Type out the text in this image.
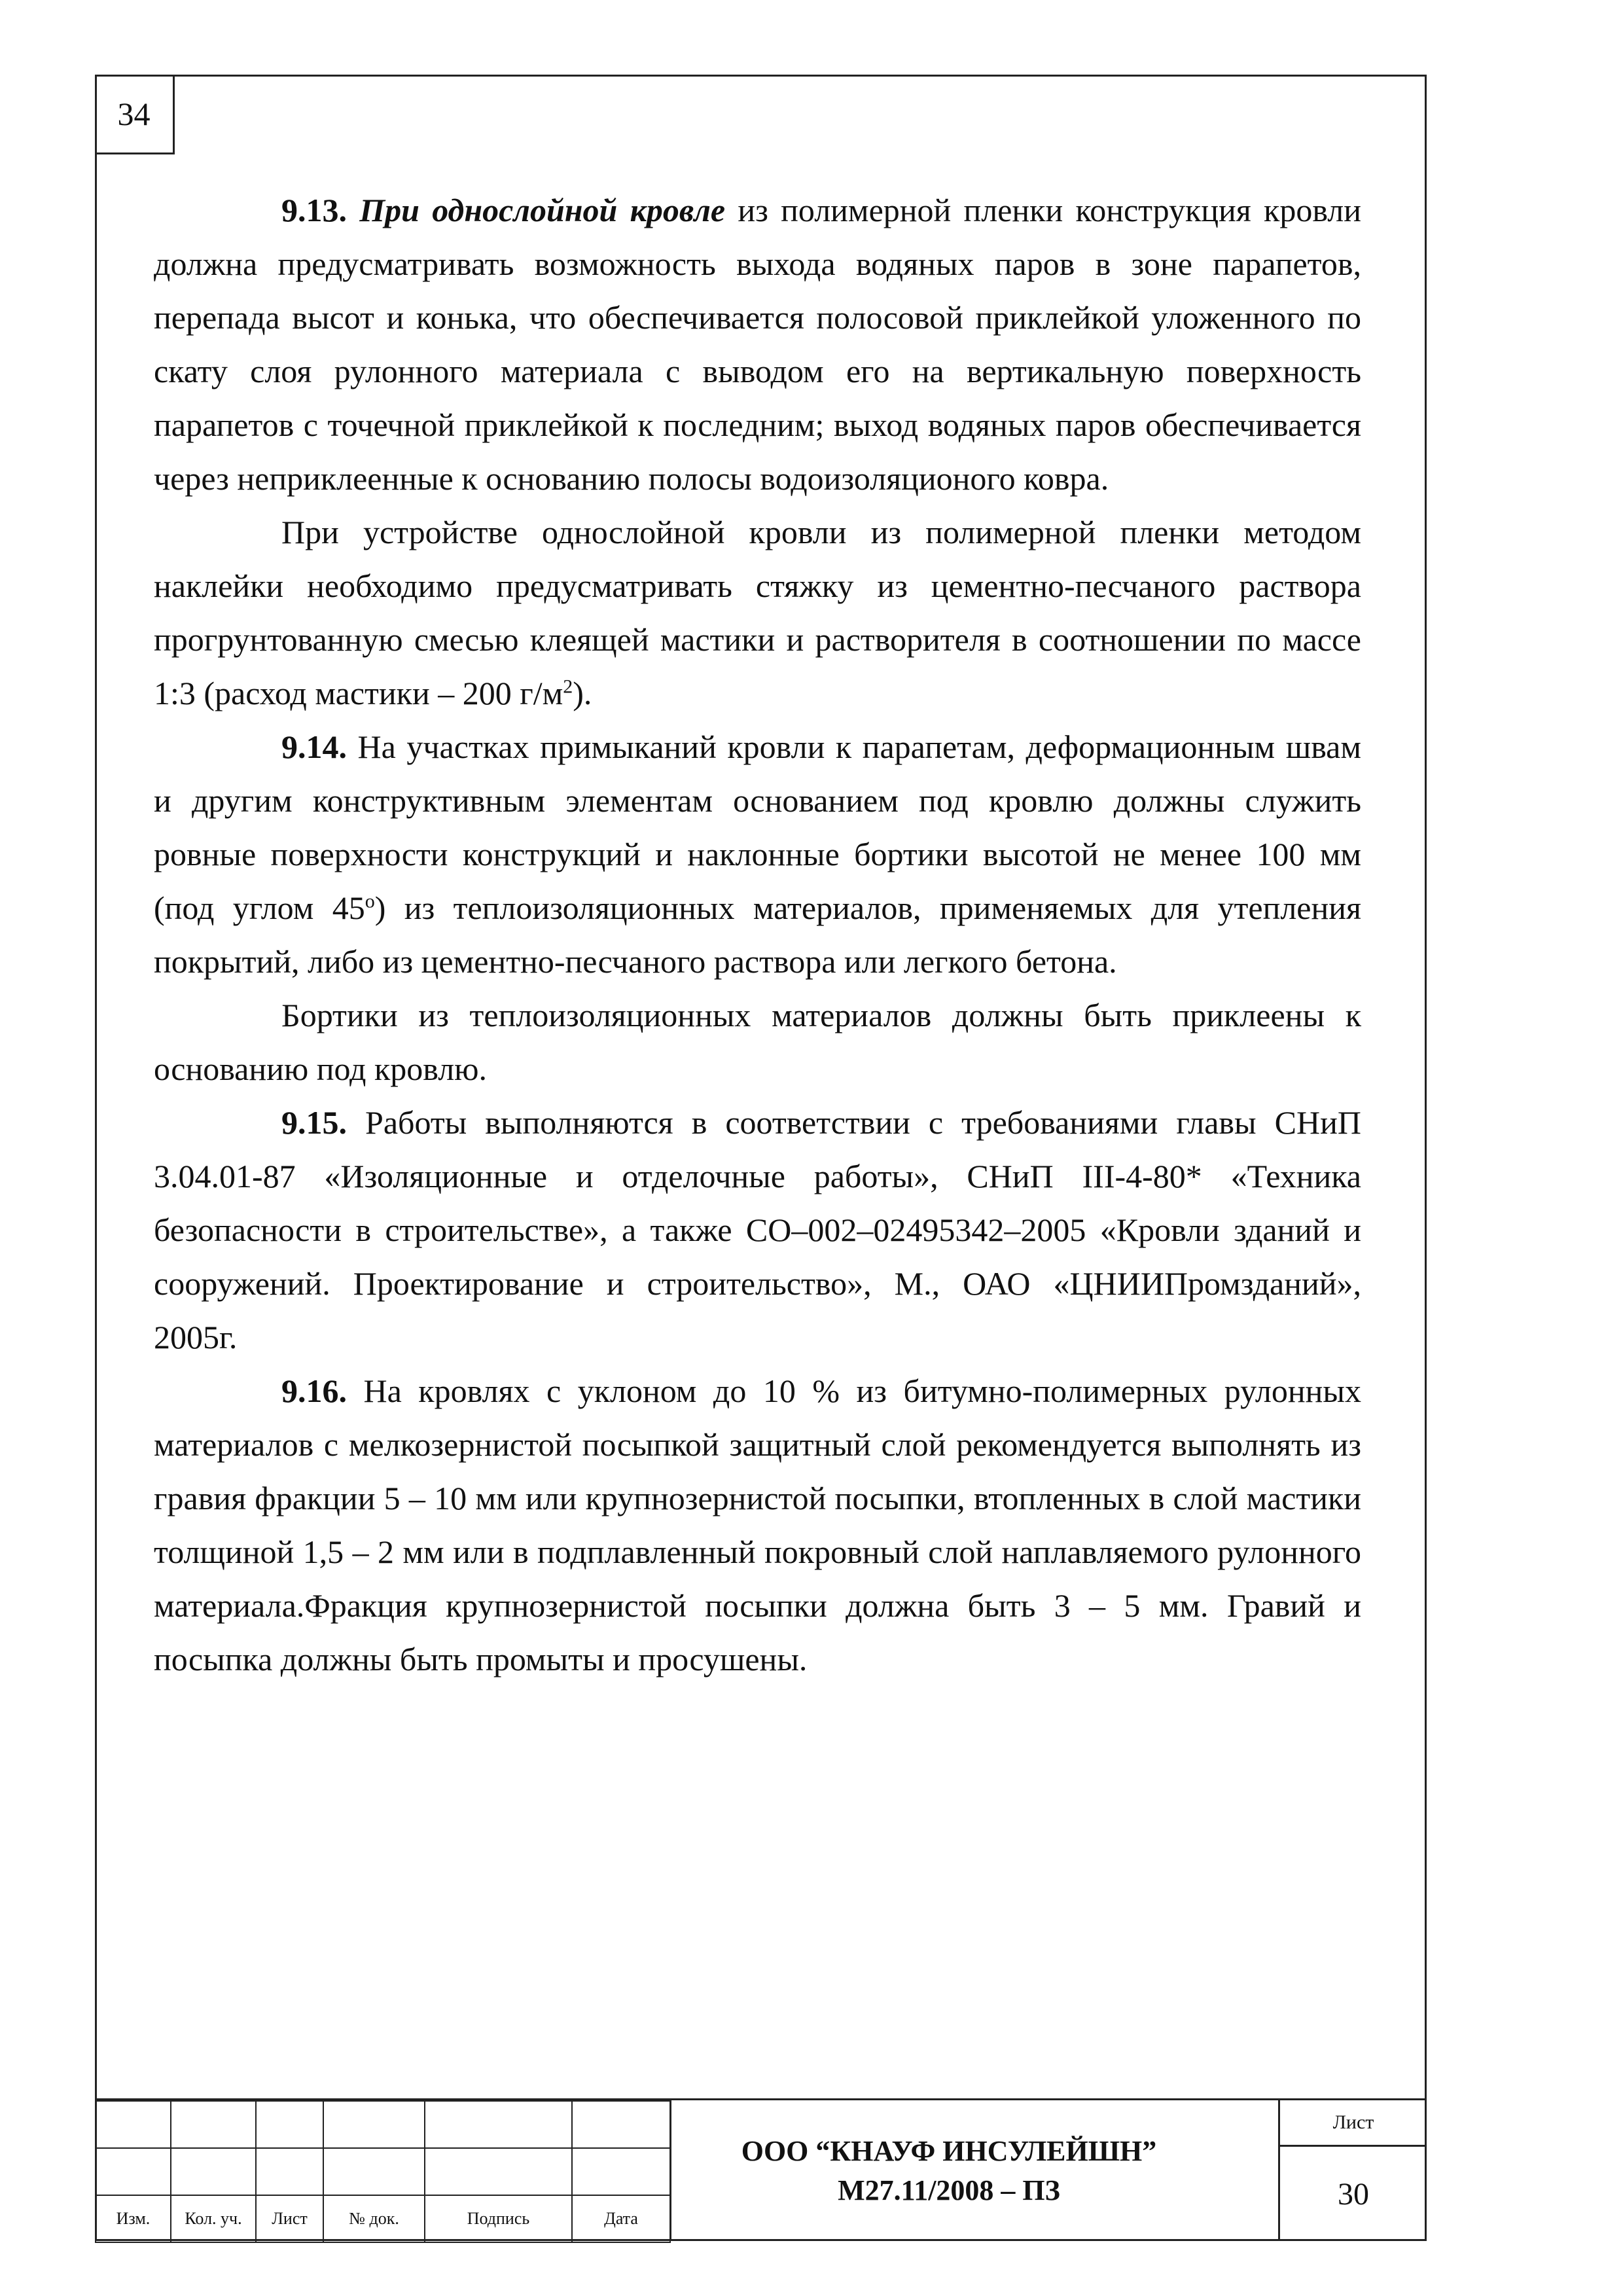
34

9.13. При однослойной кровле из полимерной пленки конструкция кровли должна предусматривать возможность выхода водяных паров в зоне парапетов, перепада высот и конька, что обеспечивается полосовой приклейкой уложенного по скату слоя рулонного материала с выводом его на вертикальную поверхность парапетов с точечной приклейкой к последним; выход водяных паров обеспечивается через неприклеенные к основанию полосы водоизоляционого ковра.

При устройстве однослойной кровли из полимерной пленки методом наклейки необходимо предусматривать стяжку из цементно-песчаного раствора прогрунтованную смесью клеящей мастики и растворителя в соотношении по массе 1:3 (расход мастики – 200 $г/м^2$).

9.14. На участках примыканий кровли к парапетам, деформационным швам и другим конструктивным элементам основанием под кровлю должны служить ровные поверхности конструкций и наклонные бортики высотой не менее 100 мм (под углом $45^о$) из теплоизоляционных материалов, применяемых для утепления покрытий, либо из цементно-песчаного раствора или легкого бетона.

Бортики из теплоизоляционных материалов должны быть приклеены к основанию под кровлю.

9.15. Работы выполняются в соответствии с требованиями главы СНиП 3.04.01-87 «Изоляционные и отделочные работы», СНиП III-4-80* «Техника безопасности в строительстве», а также СО–002–02495342–2005 «Кровли зданий и сооружений. Проектирование и строительство», М., ОАО «ЦНИИПромзданий», 2005г.

9.16. На кровлях с уклоном до 10 % из битумно-полимерных рулонных материалов с мелкозернистой посыпкой защитный слой рекомендуется выполнять из гравия фракции 5 – 10 мм или крупнозернистой посыпки, втопленных в слой мастики толщиной 1,5 – 2 мм или в подплавленный покровный слой наплавляемого рулонного материала.Фракция крупнозернистой посыпки должна быть 3 – 5 мм. Гравий и посыпка должны быть промыты и просушены.

Изм.	Кол. уч.	Лист	№ док.	Подпись	Дата
ООО “КНАУФ ИНСУЛЕЙШН”
М27.11/2008 – ПЗ
Лист
30
